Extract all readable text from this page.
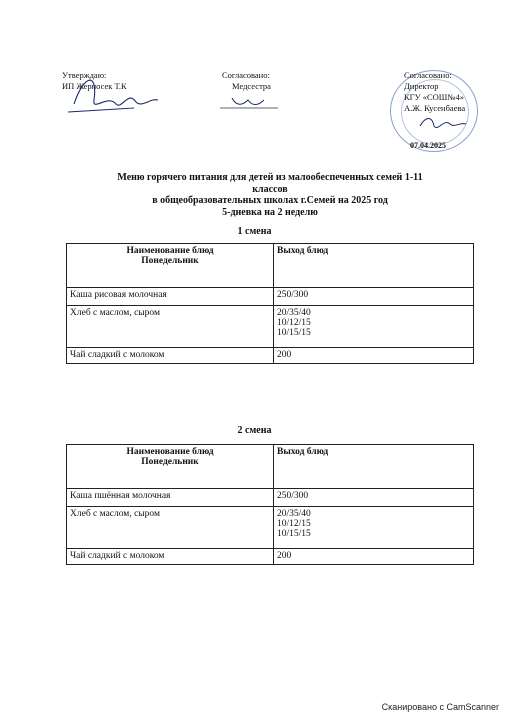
Утверждаю:
ИП Жерносек Т.К
Согласовано:
Медсестра
Согласовано:
Директор
КГУ «СОШ№4»
А.Ж. Кусенбаева
07.04.2025
Меню горячего питания для детей из малообеспеченных семей 1-11
классов
в общеобразовательных школах г.Семей на 2025 год
5-дневка на 2 неделю
1 смена
Наименование блюд
Понедельник	Выход блюд
Каша рисовая молочная	250/300

Хлеб с маслом, сыром	20/35/40
10/12/15
10/15/15

Чай сладкий с молоком	200
2 смена
Наименование блюд
Понедельник	Выход блюд
Каша пшённая молочная	250/300

Хлеб с маслом, сыром	20/35/40
10/12/15
10/15/15

Чай сладкий с молоком	200
Сканировано с CamScanner
